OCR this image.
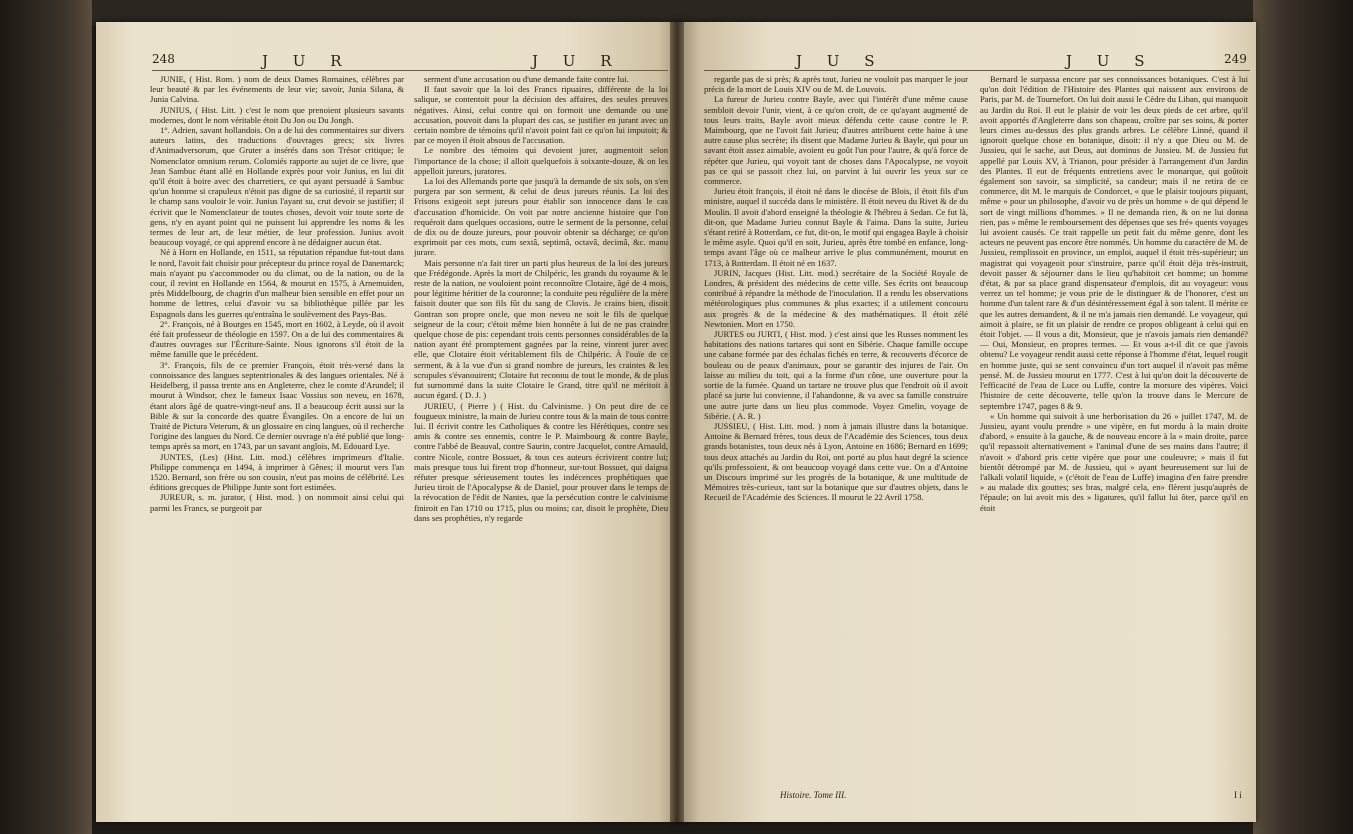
248	J U R	J U R

JUNIE, ( Hist. Rom. ) nom de deux Dames Romaines, célèbres par leur beauté & par les événements de leur vie; savoir, Junia Silana, & Junia Calvina.

JUNIUS, ( Hist. Litt. ) c'est le nom que prenoient plusieurs savants modernes, dont le nom véritable étoit Du Jon ou Du Jongh.

1°. Adrien, savant hollandois. On a de lui des commentaires sur divers auteurs latins, des traductions d'ouvrages grecs; six livres d'Animadversorum, que Gruter a insérés dans son Trésor critique; le Nomenclator omnium rerum. Colomiés rapporte au sujet de ce livre, que Jean Sambuc étant allé en Hollande exprès pour voir Junius, en lui dit qu'il étoit à boire avec des charretiers, ce qui ayant persuadé à Sambuc qu'un homme si crapuleux n'étoit pas digne de sa curiosité, il repartit sur le champ sans vouloir le voir. Junius l'ayant su, crut devoir se justifier; il écrivit que le Nomenclateur de toutes choses, devoit voir toute sorte de gens, n'y en ayant point qui ne puissent lui apprendre les noms & les termes de leur art, de leur métier, de leur profession. Junius avoit beaucoup voyagé, ce qui apprend encore à ne dédaigner aucun état.

Né à Horn en Hollande, en 1511, sa réputation répandue fut-tout dans le nord, l'avoit fait choisir pour précepteur du prince royal de Danemarck; mais n'ayant pu s'accommoder ou du climat, ou de la nation, ou de la cour, il revint en Hollande en 1564, & mourut en 1575, à Arnemuiden, près Middelbourg, de chagrin d'un malheur bien sensible en effet pour un homme de lettres, celui d'avoir vu sa bibliothèque pillée par les Espagnols dans les guerres qu'entraîna le soulèvement des Pays-Bas.

2°. François, né à Bourges en 1545, mort en 1602, à Leyde, où il avoit été fait professeur de théologie en 1597. On a de lui des commentaires & d'autres ouvrages sur l'Écriture-Sainte. Nous ignorons s'il étoit de la même famille que le précédent.

3°. François, fils de ce premier François, étoit très-versé dans la connoissance des langues septentrionales & des langues orientales. Né à Heidelberg, il passa trente ans en Angleterre, chez le comte d'Arundel; il mourut à Windsor, chez le fameux Isaac Vossius son neveu, en 1678, étant alors âgé de quatre-vingt-neuf ans. Il a beaucoup écrit aussi sur la Bible & sur la concorde des quatre Évangiles. On a encore de lui un Traité de Pictura Veterum, & un glossaire en cinq langues, où il recherche l'origine des langues du Nord. Ce dernier ouvrage n'a été publié que long-temps après sa mort, en 1743, par un savant anglois, M. Edouard Lye.

JUNTES, (Les) (Hist. Litt. mod.) célèbres imprimeurs d'Italie. Philippe commença en 1494, à imprimer à Gênes; il mourut vers l'an 1520. Bernard, son frère ou son cousin, n'eut pas moins de célébrité. Les éditions grecques de Philippe Junte sont fort estimées.

JUREUR, s. m. jurator, ( Hist. mod. ) on nommoit ainsi celui qui parmi les Francs, se purgeoit par

serment d'une accusation ou d'une demande faite contre lui.

Il faut savoir que la loi des Francs ripuaires, différente de la loi salique, se contentoit pour la décision des affaires, des seules preuves négatives. Ainsi, celui contre qui on formoit une demande ou une accusation, pouvoit dans la plupart des cas, se justifier en jurant avec un certain nombre de témoins qu'il n'avoit point fait ce qu'on lui imputoit; & par ce moyen il étoit absous de l'accusation.

Le nombre des témoins qui devoient jurer, augmentoit selon l'importance de la chose; il alloit quelquefois à soixante-douze, & on les appelloit jureurs, juratores.

La loi des Allemands porte que jusqu'à la demande de six sols, on s'en purgera par son serment, & celui de deux jureurs réunis. La loi des Frisons exigeoit sept jureurs pour établir son innocence dans le cas d'accusation d'homicide. On voit par notre ancienne histoire que l'on requéroit dans quelques occasions, outre le serment de la personne, celui de dix ou de douze jureurs, pour pouvoir obtenir sa décharge; ce qu'on exprimoit par ces mots, cum sextâ, septimâ, octavâ, decimâ, &c. manu jurare.

Mais personne n'a fait tirer un parti plus heureux de la loi des jureurs que Frédégonde. Après la mort de Chilpéric, les grands du royaume & le reste de la nation, ne vouloient point reconnoître Clotaire, âgé de 4 mois, pour légitime héritier de la couronne; la conduite peu régulière de la mère faisoit douter que son fils fût du sang de Clovis. Je crains bien, disoit Gontran son propre oncle, que mon neveu ne soit le fils de quelque seigneur de la cour; c'étoit même bien honnête à lui de ne pas craindre quelque chose de pis: cependant trois cents personnes considérables de la nation ayant été promptement gagnées par la reine, vinrent jurer avec elle, que Clotaire étoit véritablement fils de Chilpéric. À l'ouïe de ce serment, & à la vue d'un si grand nombre de jureurs, les craintes & les scrupules s'évanouirent; Clotaire fut reconnu de tout le monde, & de plus fut surnommé dans la suite Clotaire le Grand, titre qu'il ne méritoit à aucun égard. ( D. J. )

JURIEU, ( Pierre ) ( Hist. du Calvinisme. ) On peut dire de ce fougueux ministre, la main de Jurieu contre tous & la main de tous contre lui. Il écrivit contre les Catholiques & contre les Hérétiques, contre ses amis & contre ses ennemis, contre le P. Maimbourg & contre Bayle, contre l'abbé de Beauval, contre Saurin, contre Jacquelot, contre Arnauld, contre Nicole, contre Bossuet, & tous ces auteurs écrivirent contre lui; mais presque tous lui firent trop d'honneur, sur-tout Bossuet, qui daigna réfuter presque sérieusement toutes les indécences prophétiques que Jurieu tiroit de l'Apocalypse & de Daniel, pour prouver dans le temps de la révocation de l'édit de Nantes, que la persécution contre le calvinisme finiroit en l'an 1710 ou 1715, plus ou moins; car, disoit le prophète, Dieu dans ses prophéties, n'y regarde

J U S	J U S	249

regarde pas de si près; & après tout, Jurieu ne vouloit pas marquer le jour précis de la mort de Louis XIV ou de M. de Louvois.

La fureur de Jurieu contre Bayle, avec qui l'intérêt d'une même cause sembloit devoir l'unir, vient, à ce qu'on croit, de ce qu'ayant augmenté de tous leurs traits, Bayle avoit mieux défendu cette cause contre le P. Maimbourg, que ne l'avoit fait Jurieu; d'autres attribuent cette haine à une autre cause plus secrète; ils disent que Madame Jurieu & Bayle, qui pour un savant étoit assez aimable, avoient eu goût l'un pour l'autre, & qu'à force de répéter que Jurieu, qui voyoit tant de choses dans l'Apocalypse, ne voyoit pas ce qui se passoit chez lui, on parvint à lui ouvrir les yeux sur ce commerce.

Jurieu étoit françois, il étoit né dans le diocèse de Blois, il étoit fils d'un ministre, auquel il succéda dans le ministère. Il étoit neveu du Rivet & de du Moulin. Il avoit d'abord enseigné la théologie & l'hébreu à Sedan. Ce fut là, dit-on, que Madame Jurieu connut Bayle & l'aima. Dans la suite, Jurieu s'étant retiré à Rotterdam, ce fut, dit-on, le motif qui engagea Bayle à choisir le même asyle. Quoi qu'il en soit, Jurieu, après être tombé en enfance, long-temps avant l'âge où ce malheur arrive le plus communément, mourut en 1713, à Rotterdam. Il étoit né en 1637.

JURIN, Jacques (Hist. Litt. mod.) secrétaire de la Société Royale de Londres, & président des médecins de cette ville. Ses écrits ont beaucoup contribué à répandre la méthode de l'inoculation. Il a rendu les observations météorologiques plus communes & plus exactes; il a utilement concouru aux progrès & de la médecine & des mathématiques. Il étoit zélé Newtonien. Mort en 1750.

JURTES ou JURTI, ( Hist. mod. ) c'est ainsi que les Russes nomment les habitations des nations tartares qui sont en Sibérie. Chaque famille occupe une cabane formée par des échalas fichés en terre, & recouverts d'écorce de bouleau ou de peaux d'animaux, pour se garantir des injures de l'air. On laisse au milieu du toit, qui a la forme d'un cône, une ouverture pour la sortie de la fumée. Quand un tartare ne trouve plus que l'endroit où il avoit placé sa jurte lui convienne, il l'abandonne, & va avec sa famille construire une autre jurte dans un lieu plus commode. Voyez Gmelin, voyage de Sibérie. ( A. R. )

JUSSIEU, ( Hist. Litt. mod. ) nom à jamais illustre dans la botanique. Antoine & Bernard frères, tous deux de l'Académie des Sciences, tous deux grands botanistes, tous deux nés à Lyon, Antoine en 1686; Bernard en 1699; tous deux attachés au Jardin du Roi, ont porté au plus haut degré la science qu'ils professoient, & ont beaucoup voyagé dans cette vue. On a d'Antoine un Discours imprimé sur les progrès de la botanique, & une multitude de Mémoires très-curieux, tant sur la botanique que sur d'autres objets, dans le Recueil de l'Académie des Sciences. Il mourut le 22 Avril 1758.

Bernard le surpassa encore par ses connoissances botaniques. C'est à lui qu'on doit l'édition de l'Histoire des Plantes qui naissent aux environs de Paris, par M. de Tournefort. On lui doit aussi le Cèdre du Liban, qui manquoit au Jardin du Roi. Il eut le plaisir de voir les deux pieds de cet arbre, qu'il avoit apportés d'Angleterre dans son chapeau, croître par ses soins, & porter leurs cimes au-dessus des plus grands arbres. Le célèbre Linné, quand il ignoroit quelque chose en botanique, disoit: il n'y a que Dieu ou M. de Jussieu, qui le sache, aut Deus, aut dominus de Jussieu. M. de Jussieu fut appellé par Louis XV, à Trianon, pour présider à l'arrangement d'un Jardin des Plantes. Il eut de fréquents entretiens avec le monarque, qui goûtoit également son savoir, sa simplicité, sa candeur; mais il ne retira de ce commerce, dit M. le marquis de Condorcet, « que le plaisir toujours piquant, même » pour un philosophe, d'avoir vu de près un homme » de qui dépend le sort de vingt millions d'hommes. » Il ne demanda rien, & on ne lui donna rien, pas » même le remboursement des dépenses que ses fré» quents voyages lui avoient causés. Ce trait rappelle un petit fait du même genre, dont les acteurs ne peuvent pas encore être nommés. Un homme du caractère de M. de Jussieu, remplissoit en province, un emploi, auquel il étoit très-supérieur; un magistrat qui voyageoit pour s'instruire, parce qu'il étoit déja très-instruit, devoit passer & séjourner dans le lieu qu'habitoit cet homme; un homme d'état, & par sa place grand dispensateur d'emplois, dit au voyageur: vous verrez un tel homme; je vous prie de le distinguer & de l'honorer, c'est un homme d'un talent rare & d'un désintéressement égal à son talent. Il mérite ce que les autres demandent, & il ne m'a jamais rien demandé. Le voyageur, qui aimoit à plaire, se fit un plaisir de rendre ce propos obligeant à celui qui en étoit l'objet. — Il vous a dit, Monsieur, que je n'avois jamais rien demandé? — Oui, Monsieur, en propres termes. — Et vous a-t-il dit ce que j'avois obtenu? Le voyageur rendit aussi cette réponse à l'homme d'état, lequel rougit en homme juste, qui se sent convaincu d'un tort auquel il n'avoit pas même pensé. M. de Jussieu mourut en 1777. C'est à lui qu'on doit la découverte de l'efficacité de l'eau de Luce ou Luffe, contre la morsure des vipères. Voici l'histoire de cette découverte, telle qu'on la trouve dans le Mercure de septembre 1747, pages 8 & 9.

« Un homme qui suivoit à une herborisation du 26 » juillet 1747, M. de Jussieu, ayant voulu prendre » une vipère, en fut mordu à la main droite d'abord, » ensuite à la gauche, & de nouveau encore à la » main droite, parce qu'il repassoit alternativement » l'animal d'une de ses mains dans l'autre; il n'avoit » d'abord pris cette vipère que pour une couleuvre; » mais il fut bientôt détrompé par M. de Jussieu, qui » ayant heureusement sur lui de l'alkali volatil liquide, » (c'étoit de l'eau de Luffe) imagina d'en faire prendre » au malade dix gouttes; ses bras, malgré cela, en» flèrent jusqu'auprès de l'épaule; on lui avoit mis des » ligatures, qu'il fallut lui ôter, parce qu'il en étoit

Histoire. Tome III.	I i
